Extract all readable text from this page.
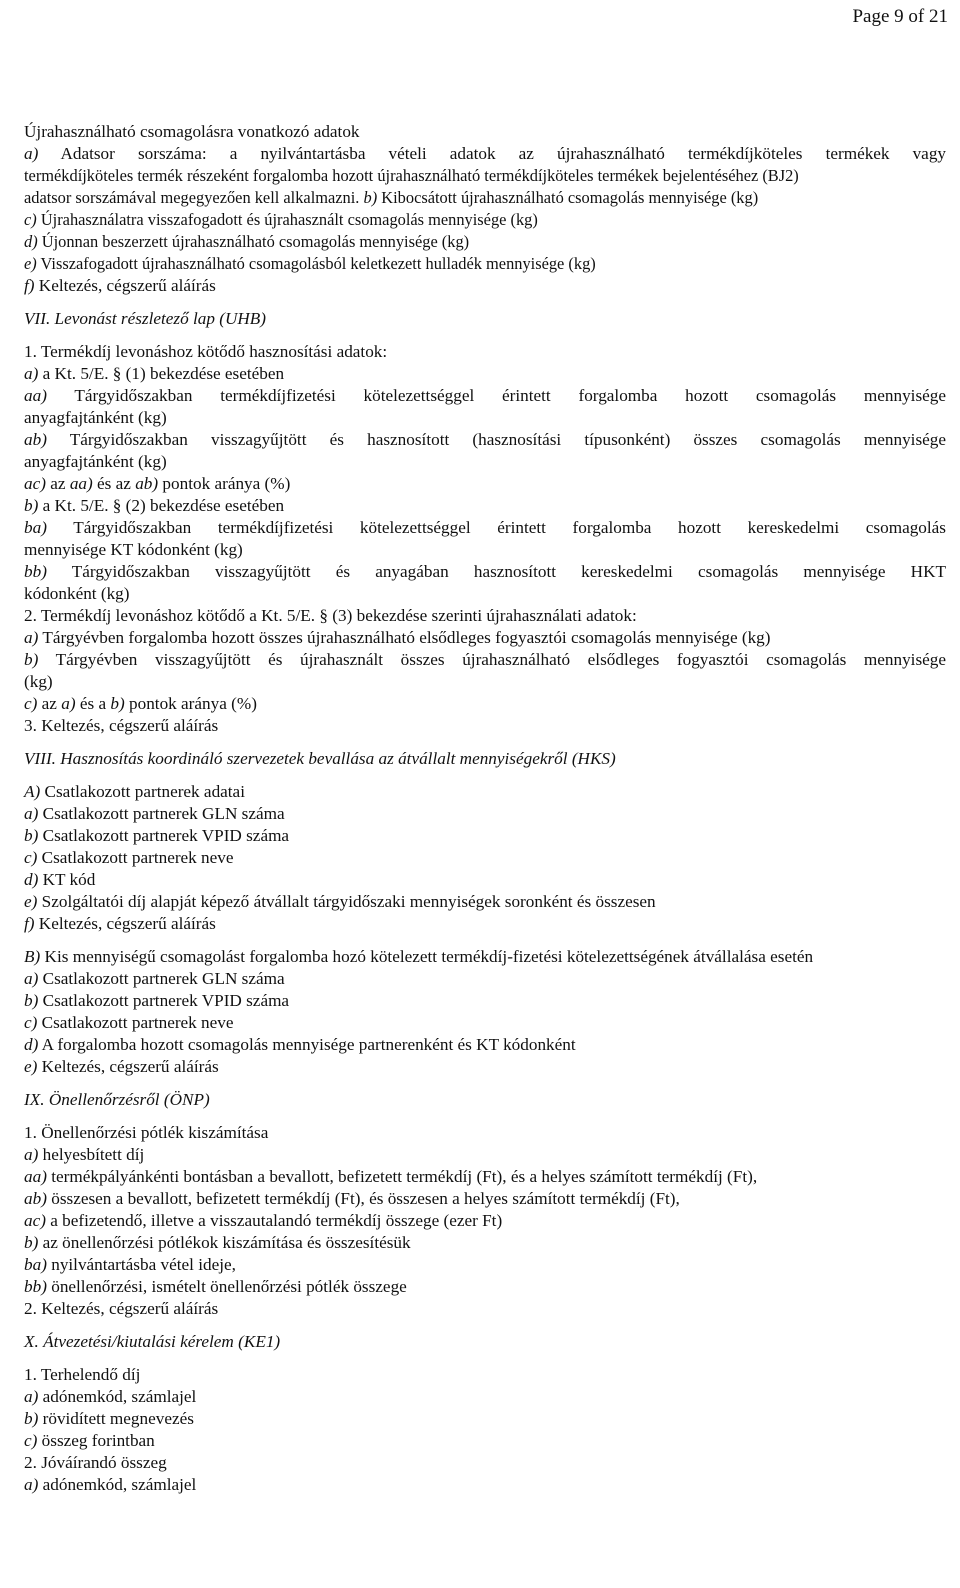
Page 9 of 21
Újrahasználható csomagolásra vonatkozó adatok
a) Adatsor sorszáma: a nyilvántartásba vételi adatok az újrahasználható termékdíjköteles termékek vagy
termékdíjköteles termék részeként forgalomba hozott újrahasználható termékdíjköteles termékek bejelentéséhez (BJ2)
adatsor sorszámával megegyezően kell alkalmazni. b) Kibocsátott újrahasználható csomagolás mennyisége (kg)
c) Újrahasználatra visszafogadott és újrahasznált csomagolás mennyisége (kg)
d) Újonnan beszerzett újrahasználható csomagolás mennyisége (kg)
e) Visszafogadott újrahasználható csomagolásból keletkezett hulladék mennyisége (kg)
f) Keltezés, cégszerű aláírás
VII. Levonást részletező lap (UHB)
1. Termékdíj levonáshoz kötődő hasznosítási adatok:
a) a Kt. 5/E. § (1) bekezdése esetében
aa) Tárgyidőszakban termékdíjfizetési kötelezettséggel érintett forgalomba hozott csomagolás mennyisége
anyagfajtánként (kg)
ab) Tárgyidőszakban visszagyűjtött és hasznosított (hasznosítási típusonként) összes csomagolás mennyisége
anyagfajtánként (kg)
ac) az aa) és az ab) pontok aránya (%)
b) a Kt. 5/E. § (2) bekezdése esetében
ba) Tárgyidőszakban termékdíjfizetési kötelezettséggel érintett forgalomba hozott kereskedelmi csomagolás
mennyisége KT kódonként (kg)
bb) Tárgyidőszakban visszagyűjtött és anyagában hasznosított kereskedelmi csomagolás mennyisége HKT
kódonként (kg)
2. Termékdíj levonáshoz kötődő a Kt. 5/E. § (3) bekezdése szerinti újrahasználati adatok:
a) Tárgyévben forgalomba hozott összes újrahasználható elsődleges fogyasztói csomagolás mennyisége (kg)
b) Tárgyévben visszagyűjtött és újrahasznált összes újrahasználható elsődleges fogyasztói csomagolás mennyisége
(kg)
c) az a) és a b) pontok aránya (%)
3. Keltezés, cégszerű aláírás
VIII. Hasznosítás koordináló szervezetek bevallása az átvállalt mennyiségekről (HKS)
A) Csatlakozott partnerek adatai
a) Csatlakozott partnerek GLN száma
b) Csatlakozott partnerek VPID száma
c) Csatlakozott partnerek neve
d) KT kód
e) Szolgáltatói díj alapját képező átvállalt tárgyidőszaki mennyiségek soronként és összesen
f) Keltezés, cégszerű aláírás
B) Kis mennyiségű csomagolást forgalomba hozó kötelezett termékdíj-fizetési kötelezettségének átvállalása esetén
a) Csatlakozott partnerek GLN száma
b) Csatlakozott partnerek VPID száma
c) Csatlakozott partnerek neve
d) A forgalomba hozott csomagolás mennyisége partnerenként és KT kódonként
e) Keltezés, cégszerű aláírás
IX. Önellenőrzésről (ÖNP)
1. Önellenőrzési pótlék kiszámítása
a) helyesbített díj
aa) termékpályánkénti bontásban a bevallott, befizetett termékdíj (Ft), és a helyes számított termékdíj (Ft),
ab) összesen a bevallott, befizetett termékdíj (Ft), és összesen a helyes számított termékdíj (Ft),
ac) a befizetendő, illetve a visszautalandó termékdíj összege (ezer Ft)
b) az önellenőrzési pótlékok kiszámítása és összesítésük
ba) nyilvántartásba vétel ideje,
bb) önellenőrzési, ismételt önellenőrzési pótlék összege
2. Keltezés, cégszerű aláírás
X. Átvezetési/kiutalási kérelem (KE1)
1. Terhelendő díj
a) adónemkód, számlajel
b) rövidített megnevezés
c) összeg forintban
2. Jóváírandó összeg
a) adónemkód, számlajel
